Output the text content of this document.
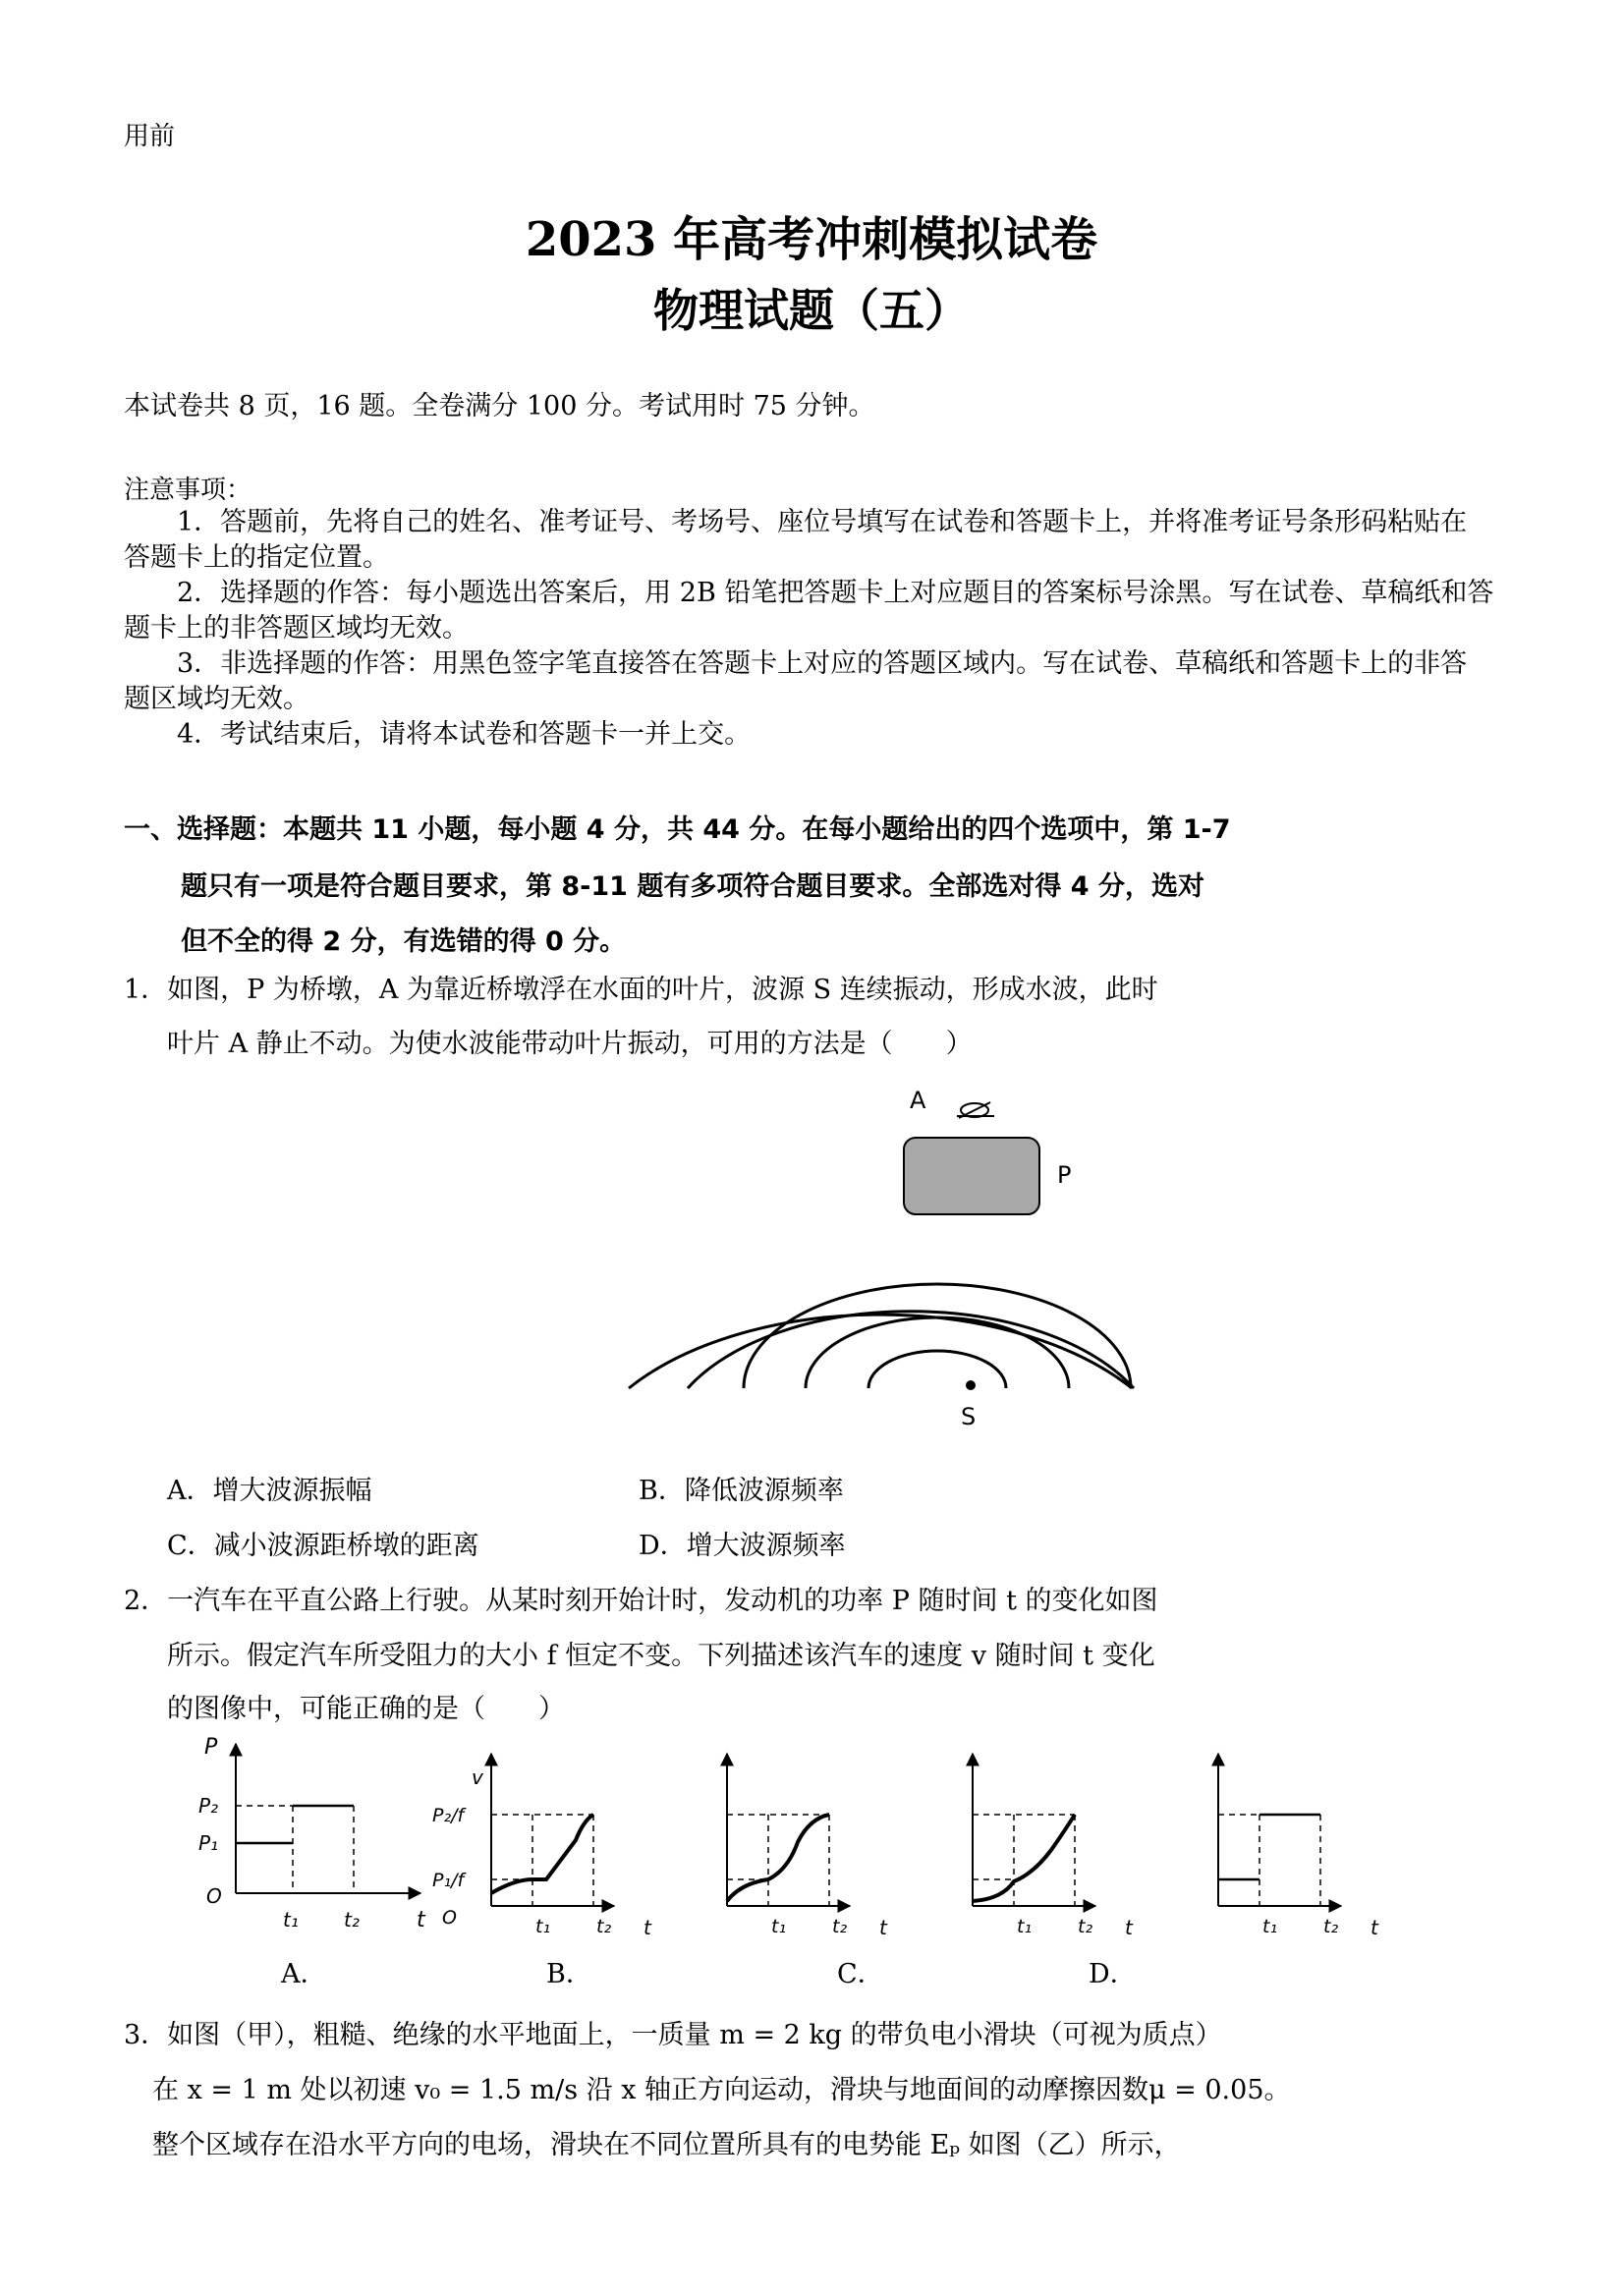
用前
2023 年高考冲刺模拟试卷
物理试题（五）
本试卷共 8 页，16 题。全卷满分 100 分。考试用时 75 分钟。
注意事项：
1．答题前，先将自己的姓名、准考证号、考场号、座位号填写在试卷和答题卡上，并将准考证号条形码粘贴在
答题卡上的指定位置。
2．选择题的作答：每小题选出答案后，用 2B 铅笔把答题卡上对应题目的答案标号涂黑。写在试卷、草稿纸和答
题卡上的非答题区域均无效。
3．非选择题的作答：用黑色签字笔直接答在答题卡上对应的答题区域内。写在试卷、草稿纸和答题卡上的非答
题区域均无效。
4．考试结束后，请将本试卷和答题卡一并上交。
一、选择题：本题共 11 小题，每小题 4 分，共 44 分。在每小题给出的四个选项中，第 1-7
题只有一项是符合题目要求，第 8-11 题有多项符合题目要求。全部选对得 4 分，选对
但不全的得 2 分，有选错的得 0 分。
1．如图，P 为桥墩，A 为靠近桥墩浮在水面的叶片，波源 S 连续振动，形成水波，此时
叶片 A 静止不动。为使水波能带动叶片振动，可用的方法是（　　）
A
P
S
A．增大波源振幅	B．降低波源频率
C．减小波源距桥墩的距离	D．增大波源频率
2．一汽车在平直公路上行驶。从某时刻开始计时，发动机的功率 P 随时间 t 的变化如图
所示。假定汽车所受阻力的大小 f 恒定不变。下列描述该汽车的速度 v 随时间 t 变化
的图像中，可能正确的是（　　）
P
P₂
P₁
O
t₁ t₂	t
v
P₂/f
P₁/f
O	t₁ t₂ t	t₁ t₂ t	t₁ t₂ t	t₁ t₂ t
A．	B．	C．	D．
3．如图（甲），粗糙、绝缘的水平地面上，一质量 m = 2 kg 的带负电小滑块（可视为质点）
在 x = 1 m 处以初速 v₀ = 1.5 m/s 沿 x 轴正方向运动，滑块与地面间的动摩擦因数μ = 0.05。
整个区域存在沿水平方向的电场，滑块在不同位置所具有的电势能 Eₚ 如图（乙）所示，
